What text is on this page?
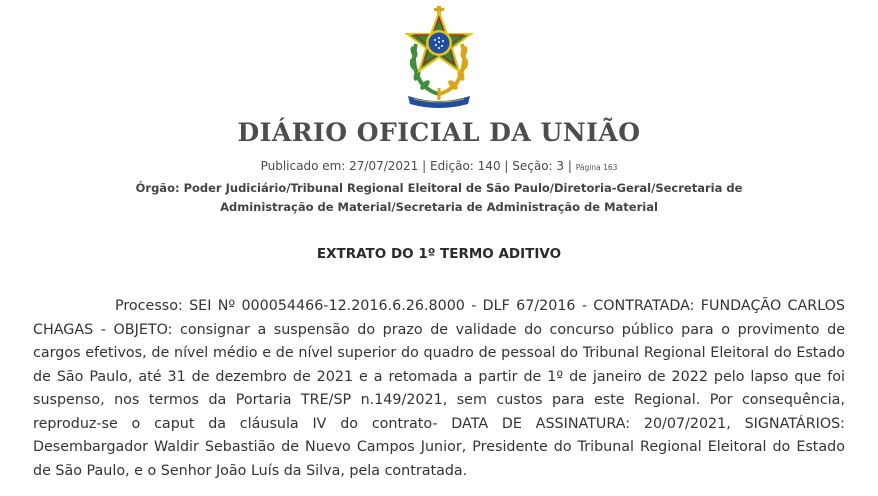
DIÁRIO OFICIAL DA UNIÃO
Publicado em: 27/07/2021 | Edição: 140 | Seção: 3 | Página 163
Órgão: Poder Judiciário/Tribunal Regional Eleitoral de São Paulo/Diretoria-Geral/Secretaria de Administração de Material/Secretaria de Administração de Material
EXTRATO DO 1º TERMO ADITIVO

Processo: SEI Nº 000054466-12.2016.6.26.8000 - DLF 67/2016 - CONTRATADA: FUNDAÇÃO CARLOS CHAGAS - OBJETO: consignar a suspensão do prazo de validade do concurso público para o provimento de cargos efetivos, de nível médio e de nível superior do quadro de pessoal do Tribunal Regional Eleitoral do Estado de São Paulo, até 31 de dezembro de 2021 e a retomada a partir de 1º de janeiro de 2022 pelo lapso que foi suspenso, nos termos da Portaria TRE/SP n.149/2021, sem custos para este Regional. Por consequência, reproduz-se o caput da cláusula IV do contrato- DATA DE ASSINATURA: 20/07/2021, SIGNATÁRIOS: Desembargador Waldir Sebastião de Nuevo Campos Junior, Presidente do Tribunal Regional Eleitoral do Estado de São Paulo, e o Senhor João Luís da Silva, pela contratada.
